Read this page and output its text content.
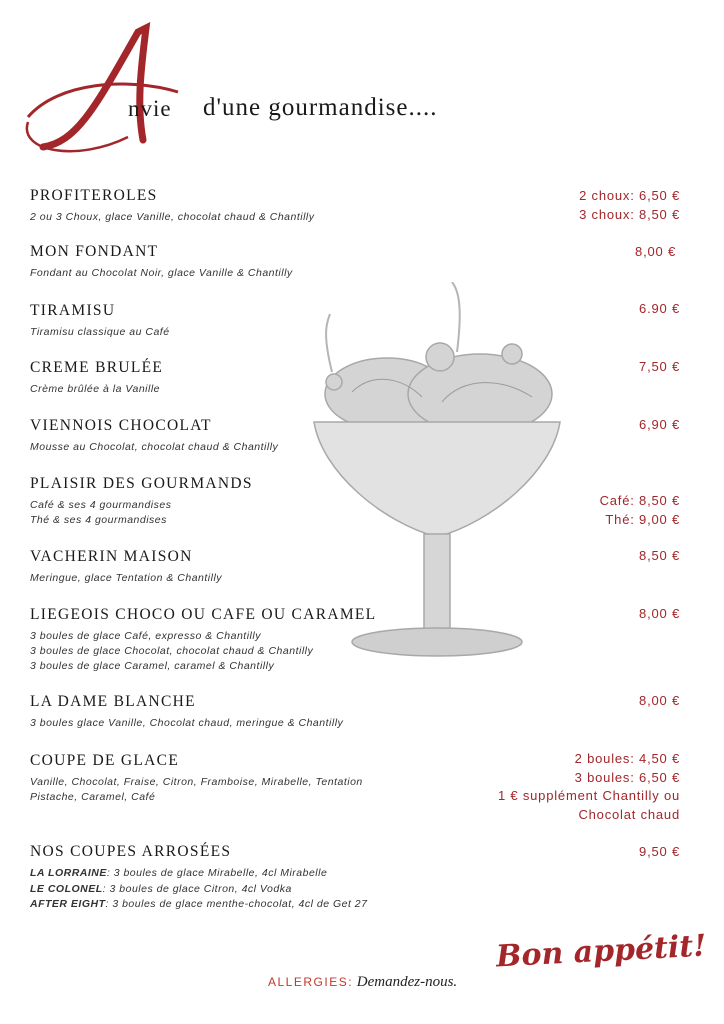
nvie d'une gourmandise....
PROFITEROLES
2 ou 3 Choux, glace Vanille, chocolat chaud & Chantilly
2 choux: 6,50 €
3 choux: 8,50 €
MON FONDANT
Fondant au Chocolat Noir, glace Vanille & Chantilly
8,00 €
TIRAMISU
Tiramisu classique au Café
6.90 €
CREME BRULÉE
Crème brûlée à la Vanille
7,50 €
VIENNOIS CHOCOLAT
Mousse au Chocolat, chocolat chaud & Chantilly
6,90 €
PLAISIR DES GOURMANDS
Café & ses 4 gourmandises
Thé & ses 4 gourmandises
Café: 8,50 €
Thé: 9,00 €
VACHERIN MAISON
Meringue, glace Tentation & Chantilly
8,50 €
LIEGEOIS CHOCO OU CAFE OU CARAMEL
3 boules de glace Café, expresso & Chantilly
3 boules de glace Chocolat, chocolat chaud & Chantilly
3 boules de glace Caramel, caramel & Chantilly
8,00 €
LA DAME BLANCHE
3 boules glace Vanille, Chocolat chaud, meringue & Chantilly
8,00 €
COUPE DE GLACE
Vanille, Chocolat, Fraise, Citron, Framboise, Mirabelle, Tentation
Pistache, Caramel, Café
2 boules: 4,50 €
3 boules: 6,50 €
1 € supplément Chantilly ou
Chocolat chaud
NOS COUPES ARROSÉES
LA LORRAINE: 3 boules de glace Mirabelle, 4cl Mirabelle
LE COLONEL: 3 boules de glace Citron, 4cl Vodka
AFTER EIGHT: 3 boules de glace menthe-chocolat, 4cl de Get 27
9,50 €
Bon appétit!
ALLERGIES: Demandez-nous.
